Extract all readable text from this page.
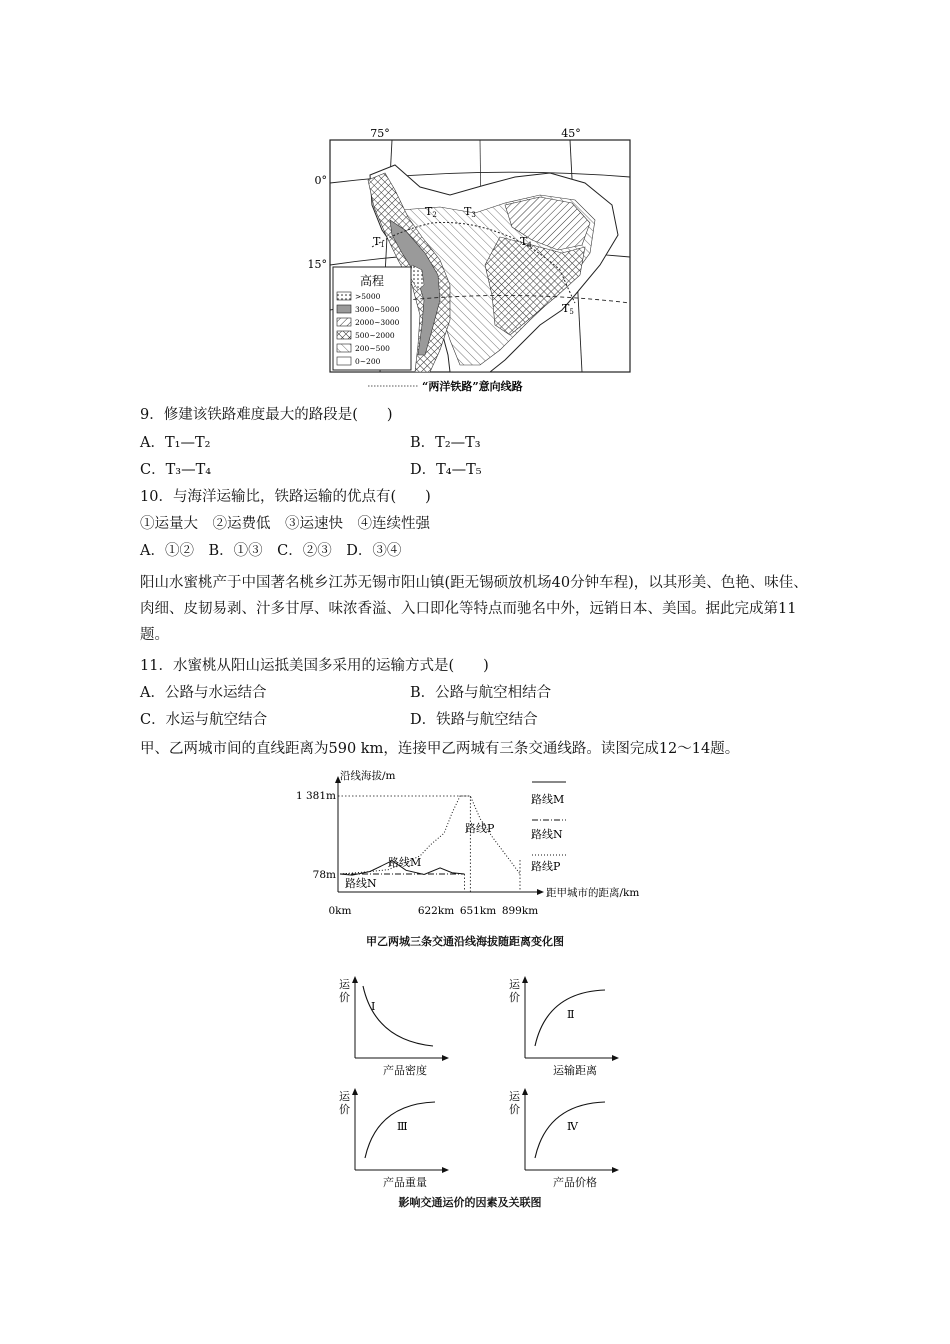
75°	45°
0°
15°
T1
T2 T3
T4
T5
高程
>5000
3000~5000
2000~3000
500~2000
200~500
0~200
“两洋铁路”意向线路
9．修建该铁路难度最大的路段是(　　)
A．T₁—T₂	B．T₂—T₃
C．T₃—T₄	D．T₄—T₅
10．与海洋运输比，铁路运输的优点有(　　)
①运量大　②运费低　③运速快　④连续性强
A．①②　B．①③　C．②③　D．③④
阳山水蜜桃产于中国著名桃乡江苏无锡市阳山镇(距无锡硕放机场40分钟车程)，以其形美、色艳、味佳、肉细、皮韧易剥、汁多甘厚、味浓香溢、入口即化等特点而驰名中外，远销日本、美国。据此完成第11题。
11．水蜜桃从阳山运抵美国多采用的运输方式是(　　)
A．公路与水运结合	B．公路与航空相结合
C．水运与航空结合	D．铁路与航空结合
甲、乙两城市间的直线距离为590 km，连接甲乙两城有三条交通线路。读图完成12～14题。
沿线海拔/m
距甲城市的距离/km
1 381m
78m
0km	622km 651km 899km
路线M
路线N
路线P
路线M
路线N
路线P
甲乙两城三条交通沿线海拔随距离变化图
运
价
产品密度
Ⅰ
运
价
运输距离
Ⅱ
运
价
产品重量
Ⅲ
运
价
产品价格
Ⅳ
影响交通运价的因素及关联图
